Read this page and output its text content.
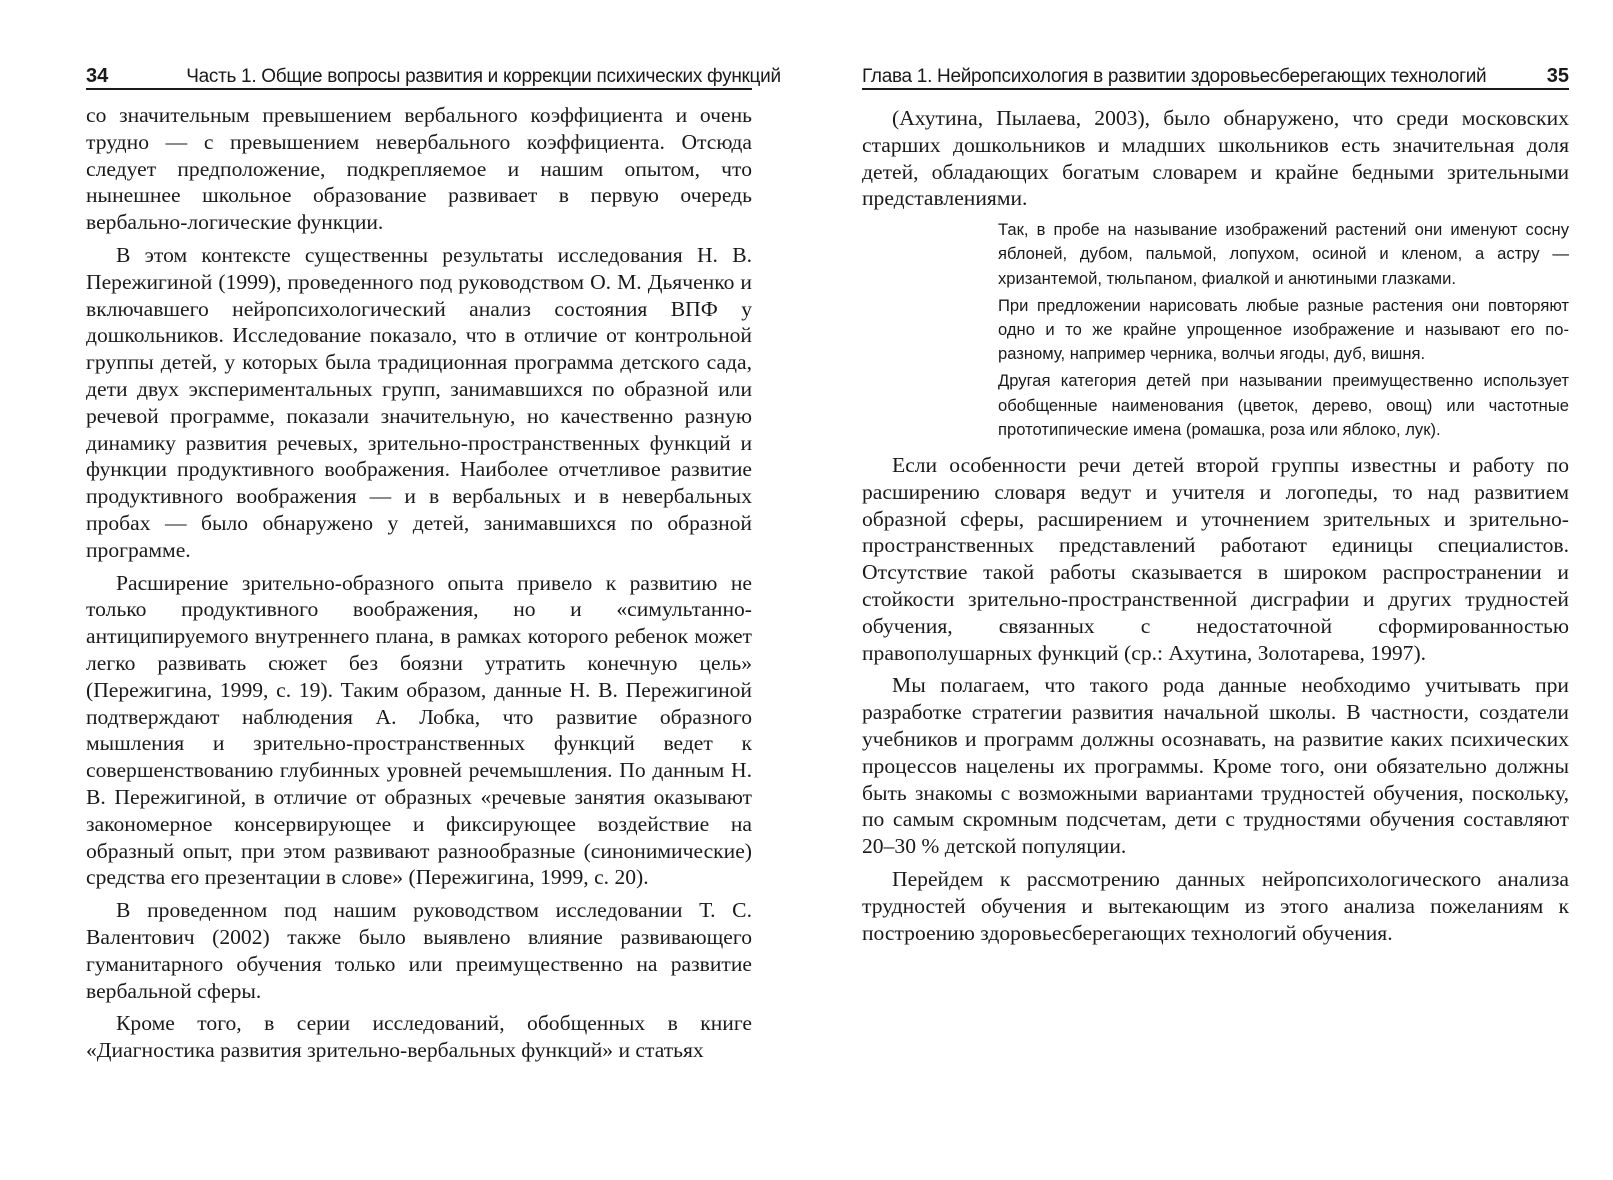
34	Часть 1. Общие вопросы развития и коррекции психических функций

со значительным превышением вербального коэффициента и очень трудно — с превышением невербального коэффициента. Отсюда следует предположение, подкрепляемое и нашим опытом, что нынешнее школьное образование развивает в первую очередь вербально-логические функции.

В этом контексте существенны результаты исследования Н. В. Пережигиной (1999), проведенного под руководством О. М. Дьяченко и включавшего нейропсихологический анализ состояния ВПФ у дошкольников. Исследование показало, что в отличие от контрольной группы детей, у которых была традиционная программа детского сада, дети двух экспериментальных групп, занимавшихся по образной или речевой программе, показали значительную, но качественно разную динамику развития речевых, зрительно-пространственных функций и функции продуктивного воображения. Наиболее отчетливое развитие продуктивного воображения — и в вербальных и в невербальных пробах — было обнаружено у детей, занимавшихся по образной программе.

Расширение зрительно-образного опыта привело к развитию не только продуктивного воображения, но и «симультанно-антиципируемого внутреннего плана, в рамках которого ребенок может легко развивать сюжет без боязни утратить конечную цель» (Пережигина, 1999, с. 19). Таким образом, данные Н. В. Пережигиной подтверждают наблюдения А. Лобка, что развитие образного мышления и зрительно-пространственных функций ведет к совершенствованию глубинных уровней речемышления. По данным Н. В. Пережигиной, в отличие от образных «речевые занятия оказывают закономерное консервирующее и фиксирующее воздействие на образный опыт, при этом развивают разнообразные (синонимические) средства его презентации в слове» (Пережигина, 1999, с. 20).

В проведенном под нашим руководством исследовании Т. С. Валентович (2002) также было выявлено влияние развивающего гуманитарного обучения только или преимущественно на развитие вербальной сферы.

Кроме того, в серии исследований, обобщенных в книге «Диагностика развития зрительно-вербальных функций» и статьях

Глава 1. Нейропсихология в развитии здоровьесберегающих технологий	35

(Ахутина, Пылаева, 2003), было обнаружено, что среди московских старших дошкольников и младших школьников есть значительная доля детей, обладающих богатым словарем и крайне бедными зрительными представлениями.

Так, в пробе на называние изображений растений они именуют сосну яблоней, дубом, пальмой, лопухом, осиной и кленом, а астру — хризантемой, тюльпаном, фиалкой и анютиными глазками.

При предложении нарисовать любые разные растения они повторяют одно и то же крайне упрощенное изображение и называют его по-разному, например черника, волчьи ягоды, дуб, вишня.

Другая категория детей при назывании преимущественно использует обобщенные наименования (цветок, дерево, овощ) или частотные прототипические имена (ромашка, роза или яблоко, лук).

Если особенности речи детей второй группы известны и работу по расширению словаря ведут и учителя и логопеды, то над развитием образной сферы, расширением и уточнением зрительных и зрительно-пространственных представлений работают единицы специалистов. Отсутствие такой работы сказывается в широком распространении и стойкости зрительно-пространственной дисграфии и других трудностей обучения, связанных с недостаточной сформированностью правополушарных функций (ср.: Ахутина, Золотарева, 1997).

Мы полагаем, что такого рода данные необходимо учитывать при разработке стратегии развития начальной школы. В частности, создатели учебников и программ должны осознавать, на развитие каких психических процессов нацелены их программы. Кроме того, они обязательно должны быть знакомы с возможными вариантами трудностей обучения, поскольку, по самым скромным подсчетам, дети с трудностями обучения составляют 20–30 % детской популяции.

Перейдем к рассмотрению данных нейропсихологического анализа трудностей обучения и вытекающим из этого анализа пожеланиям к построению здоровьесберегающих технологий обучения.
